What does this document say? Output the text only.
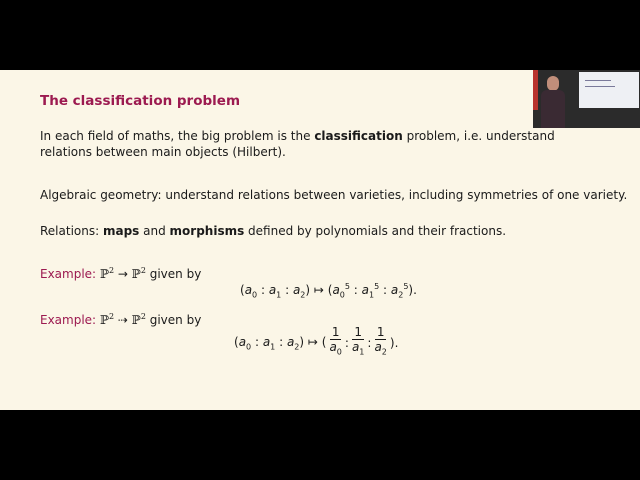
The classification problem
In each field of maths, the big problem is the classification problem, i.e. understand relations between main objects (Hilbert).
Algebraic geometry: understand relations between varieties, including symmetries of one variety.
Relations: maps and morphisms defined by polynomials and their fractions.
Example: ℙ$^2$ → ℙ$^2$ given by
($a_0$ : $a_1$ : $a_2$) ↦ ($a_0^5$ : $a_1^5$ : $a_2^5$).
Example: ℙ$^2$ ⇢ ℙ$^2$ given by
($a_0$ : $a_1$ : $a_2$) ↦ ( $\frac{1}{a_0}$ : $\frac{1}{a_1}$ : $\frac{1}{a_2}$ ).
